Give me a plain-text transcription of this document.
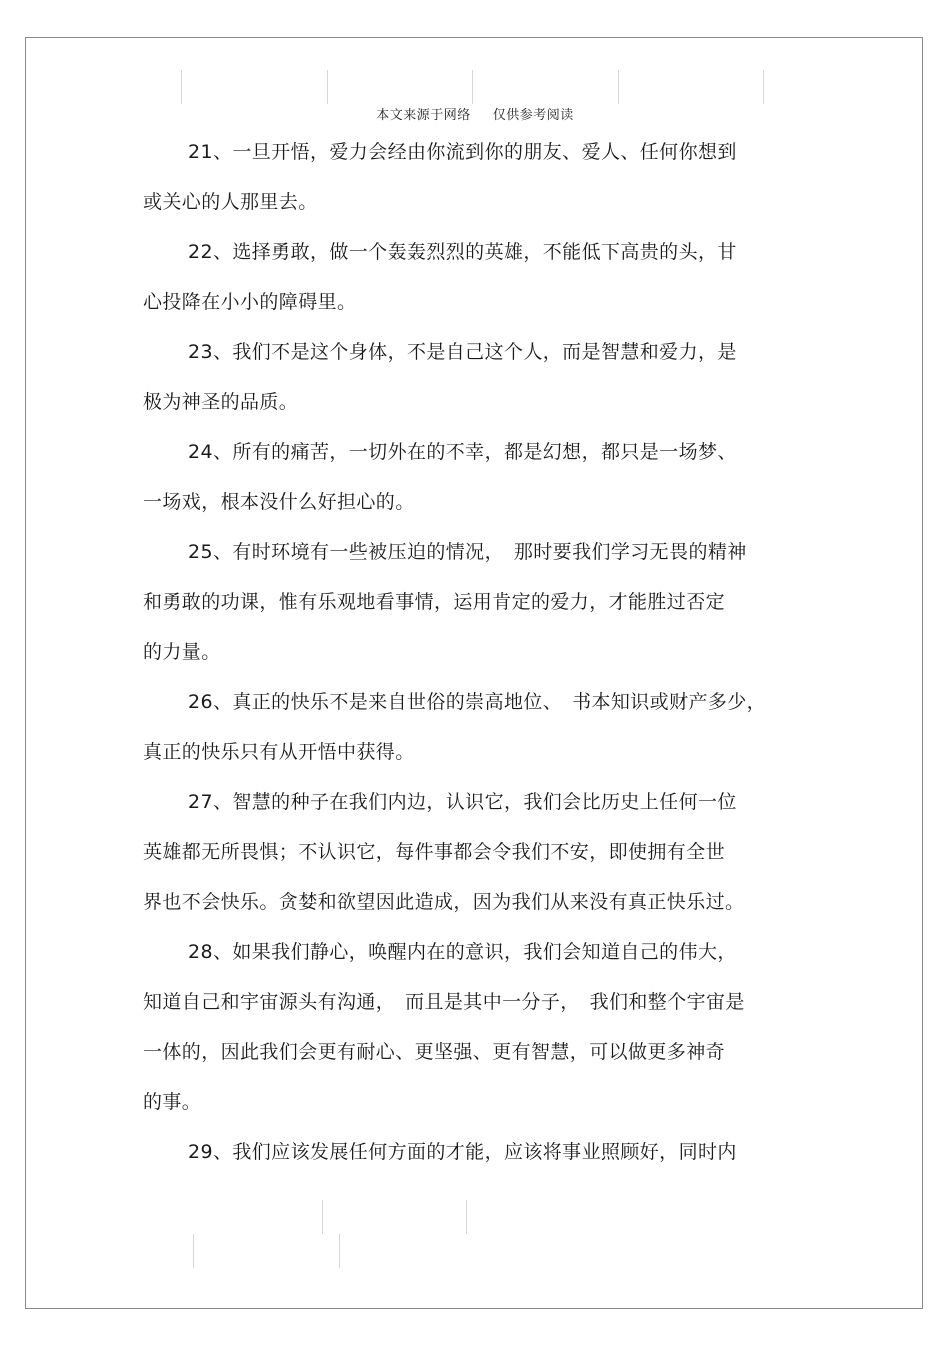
本文来源于网络 仅供参考阅读
21、一旦开悟，爱力会经由你流到你的朋友、爱人、任何你想到
或关心的人那里去。
22、选择勇敢，做一个轰轰烈烈的英雄，不能低下高贵的头，甘
心投降在小小的障碍里。
23、我们不是这个身体，不是自己这个人，而是智慧和爱力，是
极为神圣的品质。
24、所有的痛苦，一切外在的不幸，都是幻想，都只是一场梦、
一场戏，根本没什么好担心的。
25、有时环境有一些被压迫的情况，　那时要我们学习无畏的精神
和勇敢的功课，惟有乐观地看事情，运用肯定的爱力，才能胜过否定
的力量。
26、真正的快乐不是来自世俗的崇高地位、　书本知识或财产多少，
真正的快乐只有从开悟中获得。
27、智慧的种子在我们内边，认识它，我们会比历史上任何一位
英雄都无所畏惧；不认识它，每件事都会令我们不安，即使拥有全世
界也不会快乐。贪婪和欲望因此造成，因为我们从来没有真正快乐过。
28、如果我们静心，唤醒内在的意识，我们会知道自己的伟大，
知道自己和宇宙源头有沟通，　而且是其中一分子，　我们和整个宇宙是
一体的，因此我们会更有耐心、更坚强、更有智慧，可以做更多神奇
的事。
29、我们应该发展任何方面的才能，应该将事业照顾好，同时内
